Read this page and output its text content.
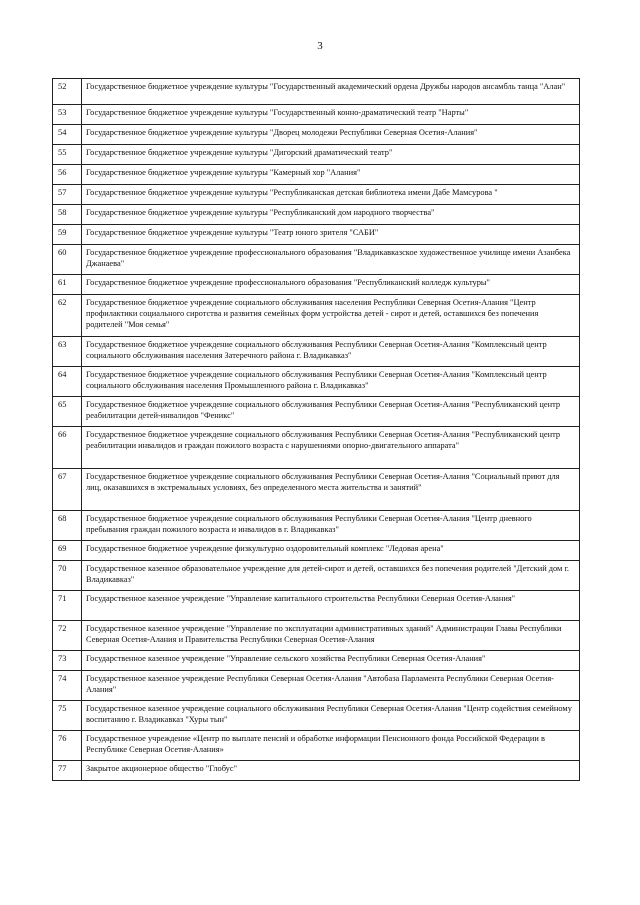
3
52	Государственное бюджетное учреждение культуры "Государственный академический ордена Дружбы народов ансамбль танца "Алан"
53	Государственное бюджетное учреждение культуры "Государственный конно-драматический театр "Нарты"
54	Государственное бюджетное учреждение культуры "Дворец молодежи Республики Северная Осетия-Алания"
55	Государственное бюджетное учреждение культуры "Дигорский драматический театр"
56	Государственное бюджетное учреждение культуры "Камерный хор "Алания"
57	Государственное бюджетное учреждение культуры "Республиканская детская библиотека имени Дабе Мамсурова "
58	Государственное бюджетное учреждение культуры "Республиканский дом народного творчества"
59	Государственное бюджетное учреждение культуры "Театр юного зрителя "САБИ"
60	Государственное бюджетное учреждение профессионального образования "Владикавказское художественное училище имени Азанбека Джанаева"
61	Государственное бюджетное учреждение профессионального образования "Республиканский колледж культуры"
62	Государственное бюджетное учреждение социального обслуживания населения Республики Северная Осетия-Алания "Центр профилактики социального сиротства и развития семейных форм устройства детей - сирот и детей, оставшихся без попечения родителей "Моя семья"
63	Государственное бюджетное учреждение социального обслуживания Республики Северная Осетия-Алания "Комплексный центр социального обслуживания населения Затеречного района г. Владикавказ"
64	Государственное бюджетное учреждение социального обслуживания Республики Северная Осетия-Алания "Комплексный центр социального обслуживания населения Промышленного района г. Владикавказ"
65	Государственное бюджетное учреждение социального обслуживания Республики Северная Осетия-Алания "Республиканский центр реабилитации детей-инвалидов "Феникс"
66	Государственное бюджетное учреждение социального обслуживания Республики Северная Осетия-Алания "Республиканский центр реабилитации инвалидов и граждан пожилого возраста с нарушениями опорно-двигательного аппарата"
67	Государственное бюджетное учреждение социального обслуживания Республики Северная Осетия-Алания "Социальный приют для лиц, оказавшихся в экстремальных условиях, без определенного места жительства и занятий"
68	Государственное бюджетное учреждение социального обслуживания Республики Северная Осетия-Алания "Центр дневного пребывания граждан пожилого возраста и инвалидов в г. Владикавказ"
69	Государственное бюджетное учреждение физкультурно оздоровительный комплекс "Ледовая арена"
70	Государственное казенное образовательное учреждение для детей-сирот и детей, оставшихся без попечения родителей "Детский дом г. Владикавказ"
71	Государственное казенное учреждение "Управление капитального строительства Республики Северная Осетия-Алания"
72	Государственное казенное учреждение "Управление по эксплуатации административных зданий" Администрации Главы Республики Северная Осетия-Алания и Правительства Республики Северная Осетия-Алания
73	Государственное казенное учреждение "Управление сельского хозяйства Республики Северная Осетия-Алания"
74	Государственное казенное учреждение Республики Северная Осетия-Алания "Автобаза Парламента Республики Северная Осетия-Алания"
75	Государственное казенное учреждение социального обслуживания Республики Северная Осетия-Алания "Центр содействия семейному воспитанию г. Владикавказ "Хуры тын"
76	Государственное учреждение «Центр по выплате пенсий и обработке информации Пенсионного фонда Российской Федерации в Республике Северная Осетия-Алания»
77	Закрытое акционерное общество "Глобус"
